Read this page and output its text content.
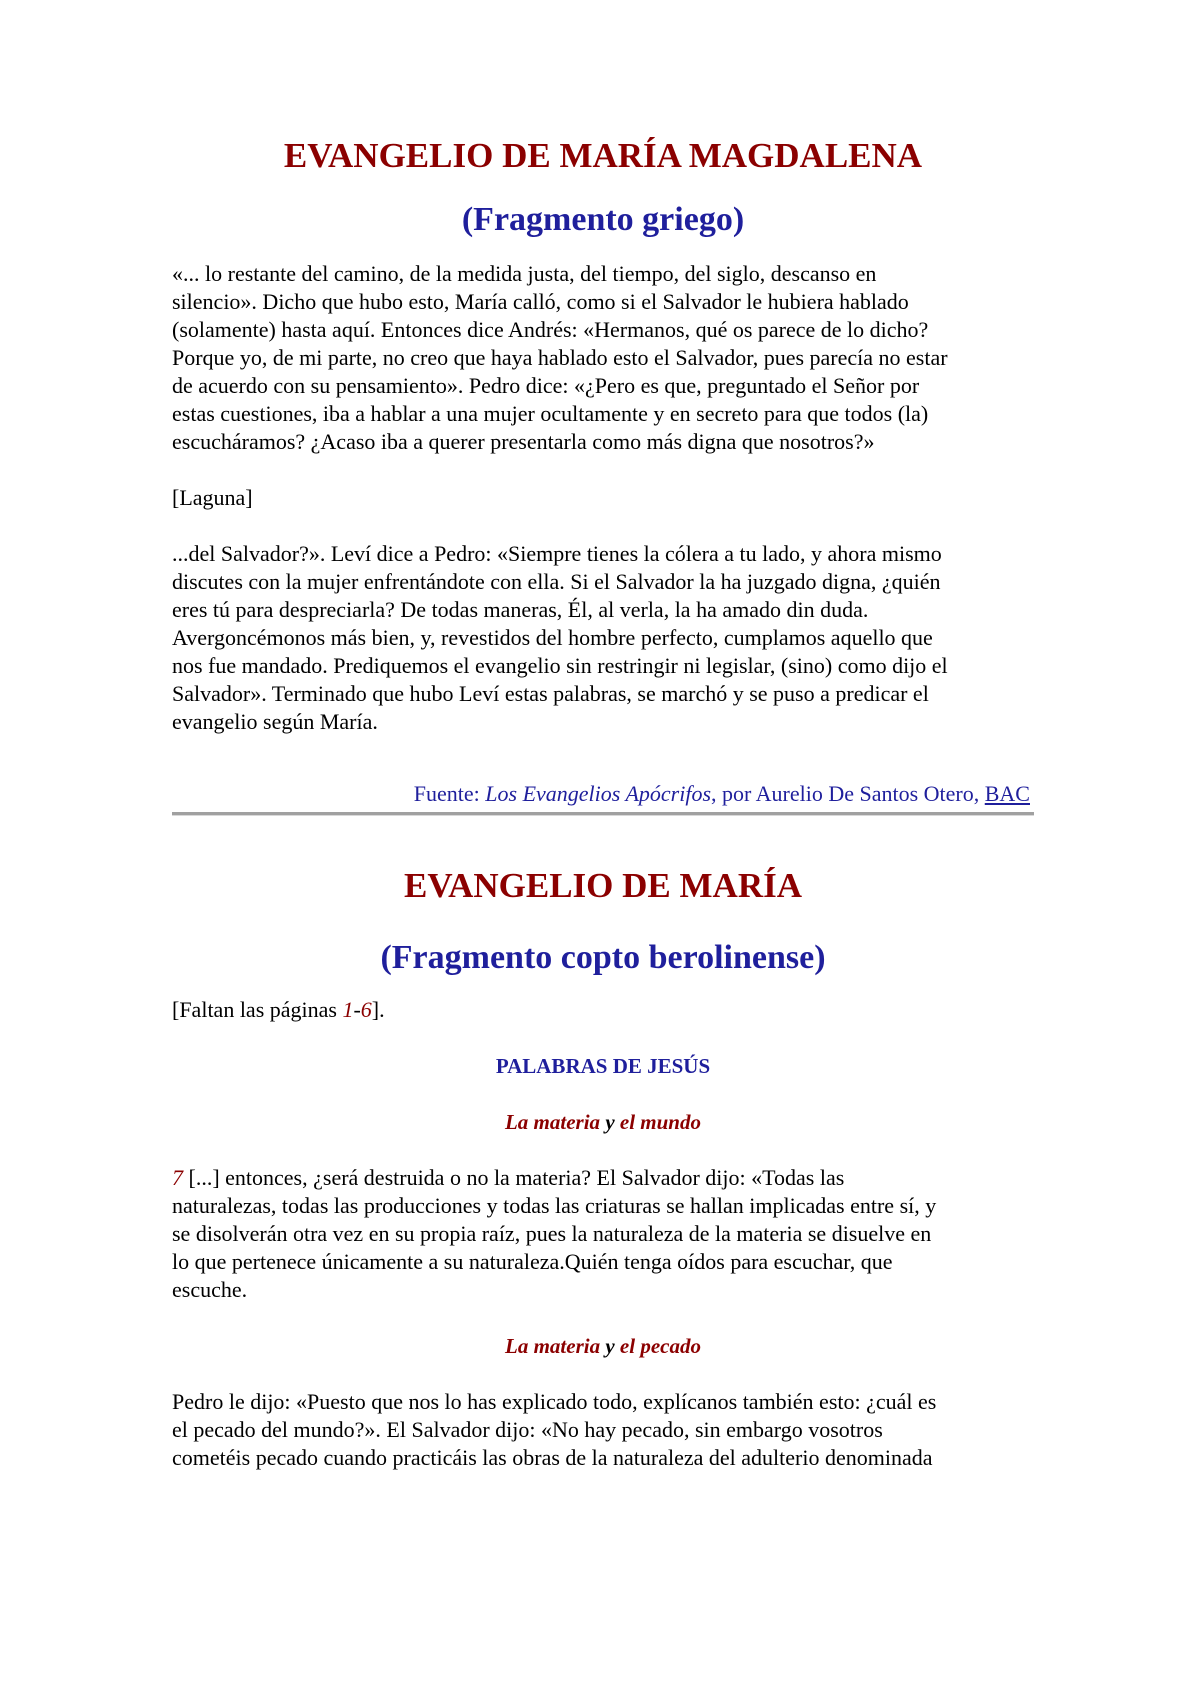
EVANGELIO DE MARÍA MAGDALENA
(Fragmento griego)

«... lo restante del camino, de la medida justa, del tiempo, del siglo, descanso en
silencio». Dicho que hubo esto, María calló, como si el Salvador le hubiera hablado
(solamente) hasta aquí. Entonces dice Andrés: «Hermanos, qué os parece de lo dicho?
Porque yo, de mi parte, no creo que haya hablado esto el Salvador, pues parecía no estar
de acuerdo con su pensamiento». Pedro dice: «¿Pero es que, preguntado el Señor por
estas cuestiones, iba a hablar a una mujer ocultamente y en secreto para que todos (la)
escucháramos? ¿Acaso iba a querer presentarla como más digna que nosotros?»

[Laguna]

...del Salvador?». Leví dice a Pedro: «Siempre tienes la cólera a tu lado, y ahora mismo
discutes con la mujer enfrentándote con ella. Si el Salvador la ha juzgado digna, ¿quién
eres tú para despreciarla? De todas maneras, Él, al verla, la ha amado din duda.
Avergoncémonos más bien, y, revestidos del hombre perfecto, cumplamos aquello que
nos fue mandado. Prediquemos el evangelio sin restringir ni legislar, (sino) como dijo el
Salvador». Terminado que hubo Leví estas palabras, se marchó y se puso a predicar el
evangelio según María.

Fuente: Los Evangelios Apócrifos, por Aurelio De Santos Otero, BAC

EVANGELIO DE MARÍA
(Fragmento copto berolinense)

[Faltan las páginas 1-6].

PALABRAS DE JESÚS
La materia y el mundo

7 [...] entonces, ¿será destruida o no la materia? El Salvador dijo: «Todas las
naturalezas, todas las producciones y todas las criaturas se hallan implicadas entre sí, y
se disolverán otra vez en su propia raíz, pues la naturaleza de la materia se disuelve en
lo que pertenece únicamente a su naturaleza.Quién tenga oídos para escuchar, que
escuche.

La materia y el pecado

Pedro le dijo: «Puesto que nos lo has explicado todo, explícanos también esto: ¿cuál es
el pecado del mundo?». El Salvador dijo: «No hay pecado, sin embargo vosotros
cometéis pecado cuando practicáis las obras de la naturaleza del adulterio denominada
